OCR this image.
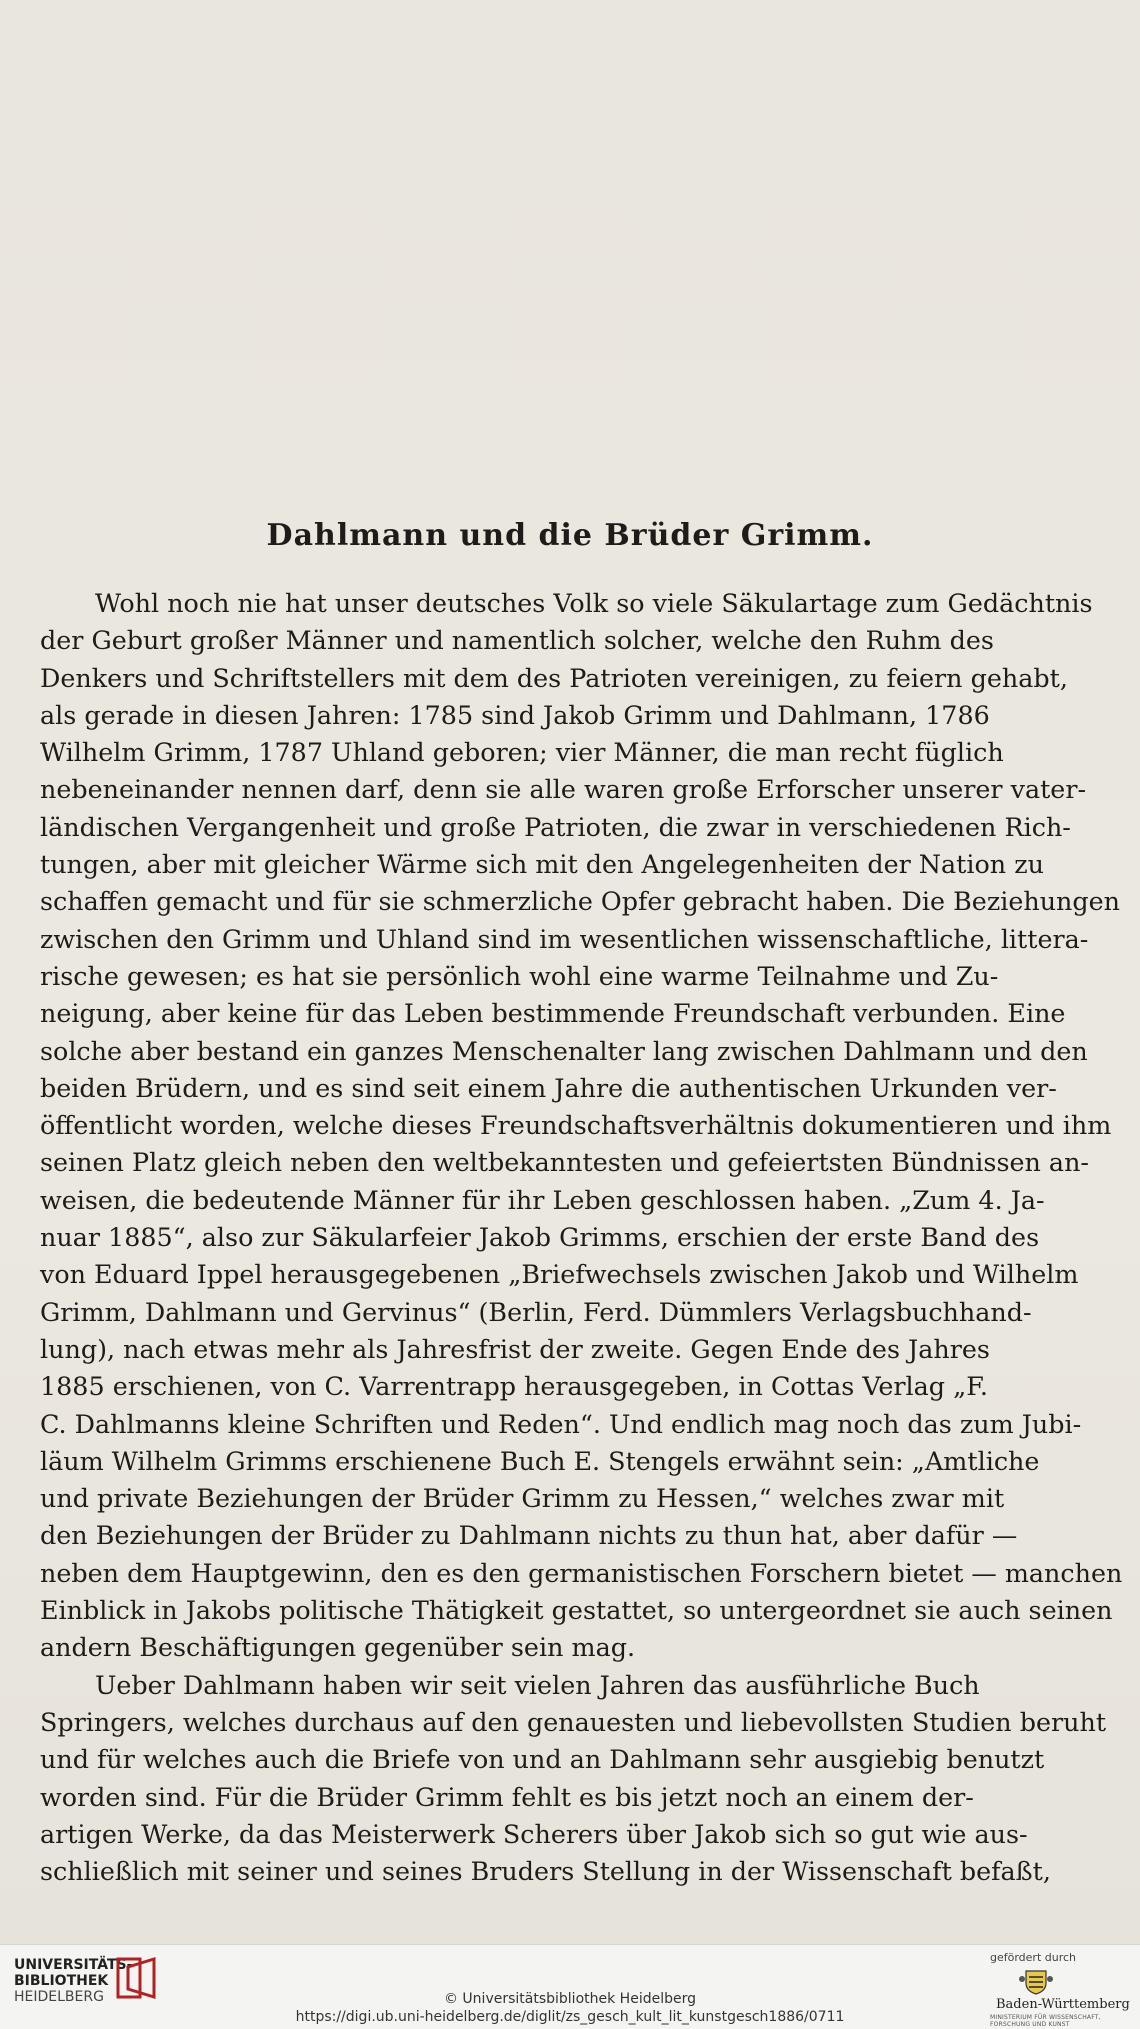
Dahlmann und die Brüder Grimm.
Wohl noch nie hat unser deutsches Volk so viele Säkulartage zum Gedächtnis
der Geburt großer Männer und namentlich solcher, welche den Ruhm des
Denkers und Schriftstellers mit dem des Patrioten vereinigen, zu feiern gehabt,
als gerade in diesen Jahren: 1785 sind Jakob Grimm und Dahlmann, 1786
Wilhelm Grimm, 1787 Uhland geboren; vier Männer, die man recht füglich
nebeneinander nennen darf, denn sie alle waren große Erforscher unserer vater-
ländischen Vergangenheit und große Patrioten, die zwar in verschiedenen Rich-
tungen, aber mit gleicher Wärme sich mit den Angelegenheiten der Nation zu
schaffen gemacht und für sie schmerzliche Opfer gebracht haben. Die Beziehungen
zwischen den Grimm und Uhland sind im wesentlichen wissenschaftliche, littera-
rische gewesen; es hat sie persönlich wohl eine warme Teilnahme und Zu-
neigung, aber keine für das Leben bestimmende Freundschaft verbunden. Eine
solche aber bestand ein ganzes Menschenalter lang zwischen Dahlmann und den
beiden Brüdern, und es sind seit einem Jahre die authentischen Urkunden ver-
öffentlicht worden, welche dieses Freundschaftsverhältnis dokumentieren und ihm
seinen Platz gleich neben den weltbekanntesten und gefeiertsten Bündnissen an-
weisen, die bedeutende Männer für ihr Leben geschlossen haben. „Zum 4. Ja-
nuar 1885“, also zur Säkularfeier Jakob Grimms, erschien der erste Band des
von Eduard Ippel herausgegebenen „Briefwechsels zwischen Jakob und Wilhelm
Grimm, Dahlmann und Gervinus“ (Berlin, Ferd. Dümmlers Verlagsbuchhand-
lung), nach etwas mehr als Jahresfrist der zweite. Gegen Ende des Jahres
1885 erschienen, von C. Varrentrapp herausgegeben, in Cottas Verlag „F.
C. Dahlmanns kleine Schriften und Reden“. Und endlich mag noch das zum Jubi-
läum Wilhelm Grimms erschienene Buch E. Stengels erwähnt sein: „Amtliche
und private Beziehungen der Brüder Grimm zu Hessen,“ welches zwar mit
den Beziehungen der Brüder zu Dahlmann nichts zu thun hat, aber dafür —
neben dem Hauptgewinn, den es den germanistischen Forschern bietet — manchen
Einblick in Jakobs politische Thätigkeit gestattet, so untergeordnet sie auch seinen
andern Beschäftigungen gegenüber sein mag.
Ueber Dahlmann haben wir seit vielen Jahren das ausführliche Buch
Springers, welches durchaus auf den genauesten und liebevollsten Studien beruht
und für welches auch die Briefe von und an Dahlmann sehr ausgiebig benutzt
worden sind. Für die Brüder Grimm fehlt es bis jetzt noch an einem der-
artigen Werke, da das Meisterwerk Scherers über Jakob sich so gut wie aus-
schließlich mit seiner und seines Bruders Stellung in der Wissenschaft befaßt,
UNIVERSITÄTS-
BIBLIOTHEK
HEIDELBERG	© Universitätsbibliothek Heidelberg
https://digi.ub.uni-heidelberg.de/diglit/zs_gesch_kult_lit_kunstgesch1886/0711
gefördert durch
Baden-Württemberg
MINISTERIUM FÜR WISSENSCHAFT, FORSCHUNG UND KUNST
